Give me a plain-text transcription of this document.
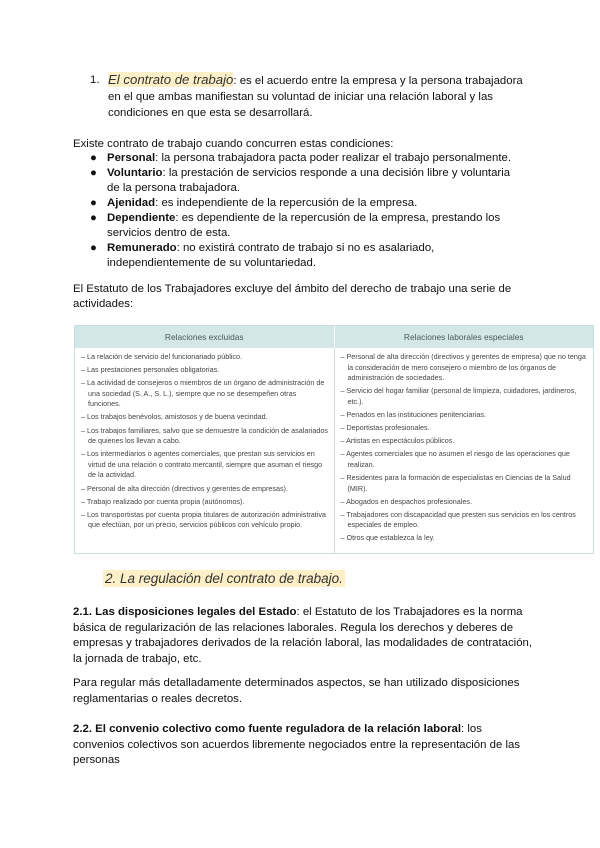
1. El contrato de trabajo: es el acuerdo entre la empresa y la persona trabajadora en el que ambas manifiestan su voluntad de iniciar una relación laboral y las condiciones en que esta se desarrollará.
Existe contrato de trabajo cuando concurren estas condiciones:
● Personal: la persona trabajadora pacta poder realizar el trabajo personalmente.
● Voluntario: la prestación de servicios responde a una decisión libre y voluntaria de la persona trabajadora.
● Ajenidad: es independiente de la repercusión de la empresa.
● Dependiente: es dependiente de la repercusión de la empresa, prestando los servicios dentro de esta.
● Remunerado: no existirá contrato de trabajo si no es asalariado, independientemente de su voluntariedad.
El Estatuto de los Trabajadores excluye del ámbito del derecho de trabajo una serie de actividades:
Relaciones excluidas	Relaciones laborales especiales

– La relación de servicio del funcionariado público.

– Las prestaciones personales obligatorias.

– La actividad de consejeros o miembros de un órgano de administración de una sociedad (S. A., S. L.), siempre que no se desempeñen otras funciones.

– Los trabajos benévolos, amistosos y de buena vecindad.

– Los trabajos familiares, salvo que se demuestre la condición de asalariados de quienes los llevan a cabo.

– Los intermediarios o agentes comerciales, que prestan sus servicios en virtud de una relación o contrato mercantil, siempre que asuman el riesgo de la actividad.

– Personal de alta dirección (directivos y gerentes de empresas).

– Trabajo realizado por cuenta propia (autónomos).

– Los transportistas por cuenta propia titulares de autorización administrativa que efectúan, por un precio, servicios públicos con vehículo propio.

– Personal de alta dirección (directivos y gerentes de empresa) que no tenga la consideración de mero consejero o miembro de los órganos de administración de sociedades.

– Servicio del hogar familiar (personal de limpieza, cuidadores, jardineros, etc.).

– Penados en las instituciones penitenciarias.

– Deportistas profesionales.

– Artistas en espectáculos públicos.

– Agentes comerciales que no asumen el riesgo de las operaciones que realizan.

– Residentes para la formación de especialistas en Ciencias de la Salud (MIR).

– Abogados en despachos profesionales.

– Trabajadores con discapacidad que presten sus servicios en los centros especiales de empleo.

– Otros que establezca la ley.

2. La regulación del contrato de trabajo.
2.1. Las disposiciones legales del Estado: el Estatuto de los Trabajadores es la norma básica de regularización de las relaciones laborales. Regula los derechos y deberes de empresas y trabajadores derivados de la relación laboral, las modalidades de contratación, la jornada de trabajo, etc.
Para regular más detalladamente determinados aspectos, se han utilizado disposiciones reglamentarias o reales decretos.
2.2. El convenio colectivo como fuente reguladora de la relación laboral: los convenios colectivos son acuerdos libremente negociados entre la representación de las personas
